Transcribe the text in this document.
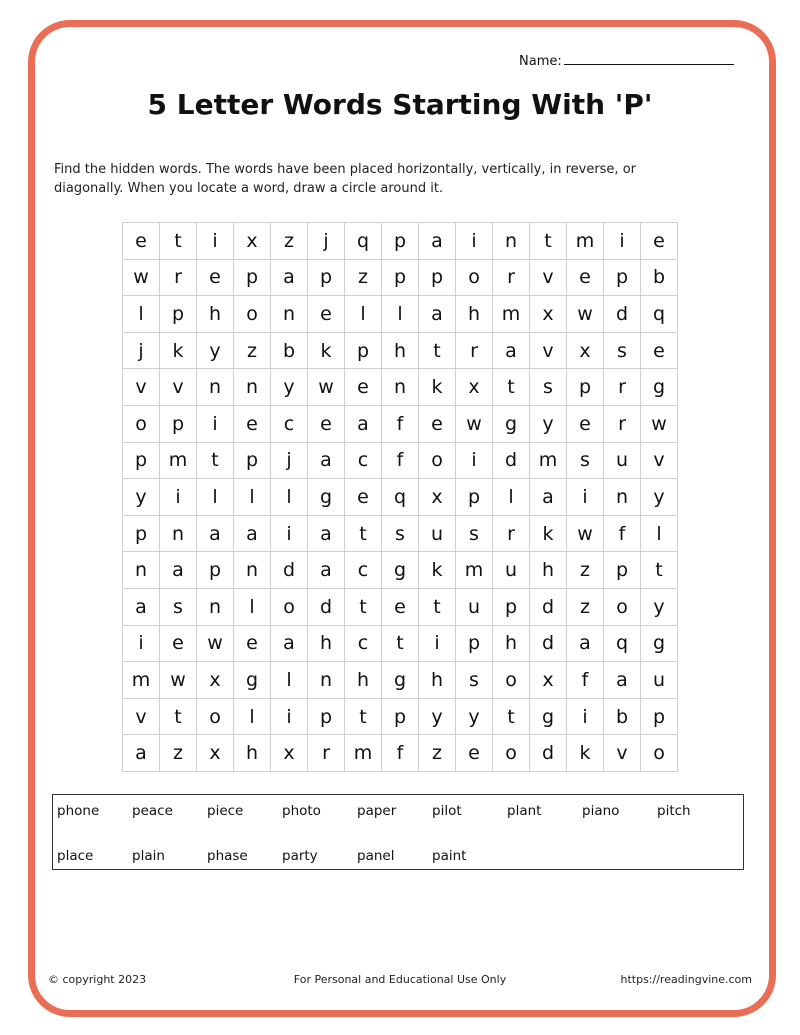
Name:
5 Letter Words Starting With 'P'

Find the hidden words. The words have been placed horizontally, vertically, in reverse, or diagonally. When you locate a word, draw a circle around it.

e	t	i	x	z	j	q	p	a	i	n	t	m	i	e
w	r	e	p	a	p	z	p	p	o	r	v	e	p	b
l	p	h	o	n	e	l	l	a	h	m	x	w	d	q
j	k	y	z	b	k	p	h	t	r	a	v	x	s	e
v	v	n	n	y	w	e	n	k	x	t	s	p	r	g
o	p	i	e	c	e	a	f	e	w	g	y	e	r	w
p	m	t	p	j	a	c	f	o	i	d	m	s	u	v
y	i	l	l	l	g	e	q	x	p	l	a	i	n	y
p	n	a	a	i	a	t	s	u	s	r	k	w	f	l
n	a	p	n	d	a	c	g	k	m	u	h	z	p	t
a	s	n	l	o	d	t	e	t	u	p	d	z	o	y
i	e	w	e	a	h	c	t	i	p	h	d	a	q	g
m	w	x	g	l	n	h	g	h	s	o	x	f	a	u
v	t	o	l	i	p	t	p	y	y	t	g	i	b	p
a	z	x	h	x	r	m	f	z	e	o	d	k	v	o
phone	peace	piece	photo	paper	pilot	plant	piano	pitch
place	plain	phase	party	panel	paint
© copyright 2023	For Personal and Educational Use Only	https://readingvine.com
